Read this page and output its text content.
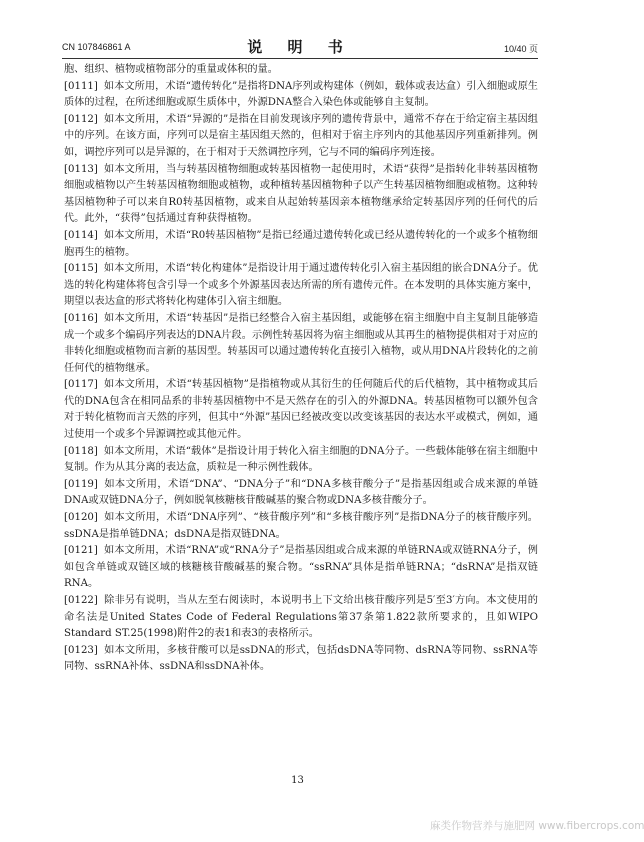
CN 107846861 A	说 明 书	10/40 页

胞、组织、植物或植物部分的重量或体积的量。

[0111] 如本文所用，术语“遗传转化”是指将DNA序列或构建体（例如，载体或表达盒）引入细胞或原生质体的过程，在所述细胞或原生质体中，外源DNA整合入染色体或能够自主复制。

[0112] 如本文所用，术语“异源的”是指在目前发现该序列的遗传背景中，通常不存在于给定宿主基因组中的序列。在该方面，序列可以是宿主基因组天然的，但相对于宿主序列内的其他基因序列重新排列。例如，调控序列可以是异源的，在于相对于天然调控序列，它与不同的编码序列连接。

[0113] 如本文所用，当与转基因植物细胞或转基因植物一起使用时，术语“获得”是指转化非转基因植物细胞或植物以产生转基因植物细胞或植物，或种植转基因植物种子以产生转基因植物细胞或植物。这种转基因植物种子可以来自R0转基因植物，或来自从起始转基因亲本植物继承给定转基因序列的任何代的后代。此外，“获得”包括通过育种获得植物。

[0114] 如本文所用，术语“R0转基因植物”是指已经通过遗传转化或已经从遗传转化的一个或多个植物细胞再生的植物。

[0115] 如本文所用，术语“转化构建体”是指设计用于通过遗传转化引入宿主基因组的嵌合DNA分子。优选的转化构建体将包含引导一个或多个外源基因表达所需的所有遗传元件。在本发明的具体实施方案中，期望以表达盒的形式将转化构建体引入宿主细胞。

[0116] 如本文所用，术语“转基因”是指已经整合入宿主基因组，或能够在宿主细胞中自主复制且能够造成一个或多个编码序列表达的DNA片段。示例性转基因将为宿主细胞或从其再生的植物提供相对于对应的非转化细胞或植物而言新的基因型。转基因可以通过遗传转化直接引入植物，或从用DNA片段转化的之前任何代的植物继承。

[0117] 如本文所用，术语“转基因植物”是指植物或从其衍生的任何随后代的后代植物，其中植物或其后代的DNA包含在相同品系的非转基因植物中不是天然存在的引入的外源DNA。转基因植物可以额外包含对于转化植物而言天然的序列，但其中“外源”基因已经被改变以改变该基因的表达水平或模式，例如，通过使用一个或多个异源调控或其他元件。

[0118] 如本文所用，术语“载体”是指设计用于转化入宿主细胞的DNA分子。一些载体能够在宿主细胞中复制。作为从其分离的表达盒，质粒是一种示例性载体。

[0119] 如本文所用，术语“DNA”、“DNA分子”和“DNA多核苷酸分子”是指基因组或合成来源的单链DNA或双链DNA分子，例如脱氧核糖核苷酸碱基的聚合物或DNA多核苷酸分子。

[0120] 如本文所用，术语“DNA序列”、“核苷酸序列”和“多核苷酸序列”是指DNA分子的核苷酸序列。ssDNA是指单链DNA；dsDNA是指双链DNA。

[0121] 如本文所用，术语“RNA”或“RNA分子”是指基因组或合成来源的单链RNA或双链RNA分子，例如包含单链或双链区域的核糖核苷酸碱基的聚合物。“ssRNA”具体是指单链RNA；“dsRNA”是指双链RNA。

[0122] 除非另有说明，当从左至右阅读时，本说明书上下文给出核苷酸序列是5′至3′方向。本文使用的命名法是United States Code of Federal Regulations第37条第1.822款所要求的，且如WIPO Standard ST.25(1998)附件2的表1和表3的表格所示。

[0123] 如本文所用，多核苷酸可以是ssDNA的形式，包括dsDNA等同物、dsRNA等同物、ssRNA等同物、ssRNA补体、ssDNA和ssDNA补体。

13
麻类作物营养与施肥网 www.fibercrops.com
